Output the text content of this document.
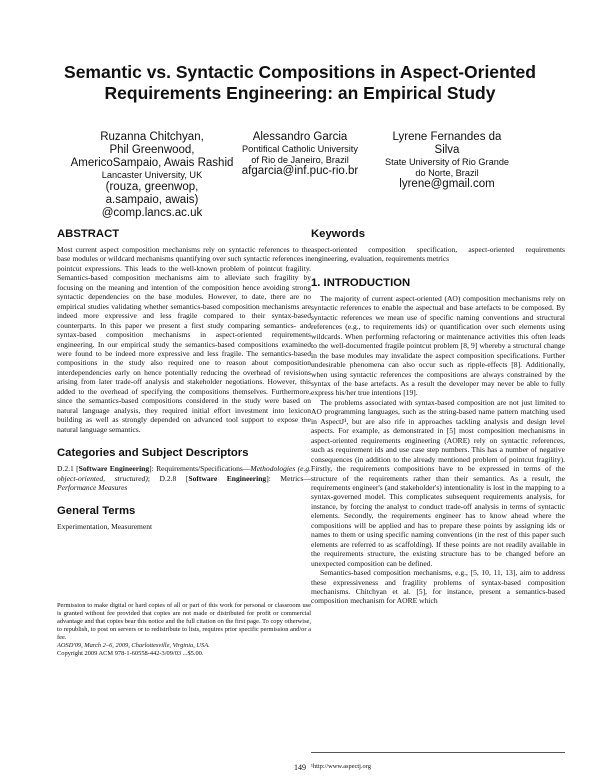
Semantic vs. Syntactic Compositions in Aspect-Oriented
Requirements Engineering: an Empirical Study
Ruzanna Chitchyan,
Phil Greenwood,
AmericoSampaio, Awais Rashid
Lancaster University, UK
(rouza, greenwop,
a.sampaio, awais)
@comp.lancs.ac.uk
Alessandro Garcia
Pontifical Catholic University
of Rio de Janeiro, Brazil
afgarcia@inf.puc-rio.br
Lyrene Fernandes da
Silva
State University of Rio Grande
do Norte, Brazil
lyrene@gmail.com
ABSTRACT

Most current aspect composition mechanisms rely on syntactic references to the base modules or wildcard mechanisms quantifying over such syntactic references in pointcut expressions. This leads to the well-known problem of pointcut fragility. Semantics-based composition mechanisms aim to alleviate such fragility by focusing on the meaning and intention of the composition hence avoiding strong syntactic dependencies on the base modules. However, to date, there are no empirical studies validating whether semantics-based composition mechanisms are indeed more expressive and less fragile compared to their syntax-based counterparts. In this paper we present a first study comparing semantics- and syntax-based composition mechanisms in aspect-oriented requirements engineering. In our empirical study the semantics-based compositions examined were found to be indeed more expressive and less fragile. The semantics-based compositions in the study also required one to reason about composition interdependencies early on hence potentially reducing the overhead of revisions arising from later trade-off analysis and stakeholder negotiations. However, this added to the overhead of specifying the compositions themselves. Furthermore, since the semantics-based compositions considered in the study were based on natural language analysis, they required initial effort investment into lexicon building as well as strongly depended on advanced tool support to expose the natural language semantics.

Categories and Subject Descriptors

D.2.1 [Software Engineering]: Requirements/Specifications—Methodologies (e.g. object-oriented, structured); D.2.8 [Software Engineering]: Metrics—Performance Measures

General Terms

Experimentation, Measurement

Permission to make digital or hard copies of all or part of this work for personal or classroom use is granted without fee provided that copies are not made or distributed for profit or commercial advantage and that copies bear this notice and the full citation on the first page. To copy otherwise, to republish, to post on servers or to redistribute to lists, requires prior specific permission and/or a fee.

AOSD'09, March 2–6, 2009, Charlottesville, Virginia, USA.

Copyright 2009 ACM 978-1-60558-442-3/09/03 ...$5.00.

Keywords

aspect-oriented composition specification, aspect-oriented requirements engineering, evaluation, requirements metrics

1. INTRODUCTION

The majority of current aspect-oriented (AO) composition mechanisms rely on syntactic references to enable the aspectual and base artefacts to be composed. By syntactic references we mean use of specific naming conventions and structural references (e.g., to requirements ids) or quantification over such elements using wildcards. When performing refactoring or maintenance activities this often leads to the well-documented fragile pointcut problem [8, 9] whereby a structural change in the base modules may invalidate the aspect composition specifications. Further undesirable phenomena can also occur such as ripple-effects [8]. Additionally, when using syntactic references the compositions are always constrained by the syntax of the base artefacts. As a result the developer may never be able to fully express his/her true intentions [19].

The problems associated with syntax-based composition are not just limited to AO programming languages, such as the string-based name pattern matching used in AspectJ¹, but are also rife in approaches tackling analysis and design level aspects. For example, as demonstrated in [5] most composition mechanisms in aspect-oriented requirements engineering (AORE) rely on syntactic references, such as requirement ids and use case step numbers. This has a number of negative consequences (in addition to the already mentioned problem of pointcut fragility). Firstly, the requirements compositions have to be expressed in terms of the structure of the requirements rather than their semantics. As a result, the requirements engineer's (and stakeholder's) intentionality is lost in the mapping to a syntax-governed model. This complicates subsequent requirements analysis, for instance, by forcing the analyst to conduct trade-off analysis in terms of syntactic elements. Secondly, the requirements engineer has to know ahead where the compositions will be applied and has to prepare these points by assigning ids or names to them or using specific naming conventions (in the rest of this paper such elements are referred to as scaffolding). If these points are not readily available in the requirements structure, the existing structure has to be changed before an unexpected composition can be defined.

Semantics-based composition mechanisms, e.g., [5, 10, 11, 13], aim to address these expressiveness and fragility problems of syntax-based composition mechanisms. Chitchyan et al. [5], for instance, present a semantics-based composition mechanism for AORE which

¹http://www.aspectj.org
149
